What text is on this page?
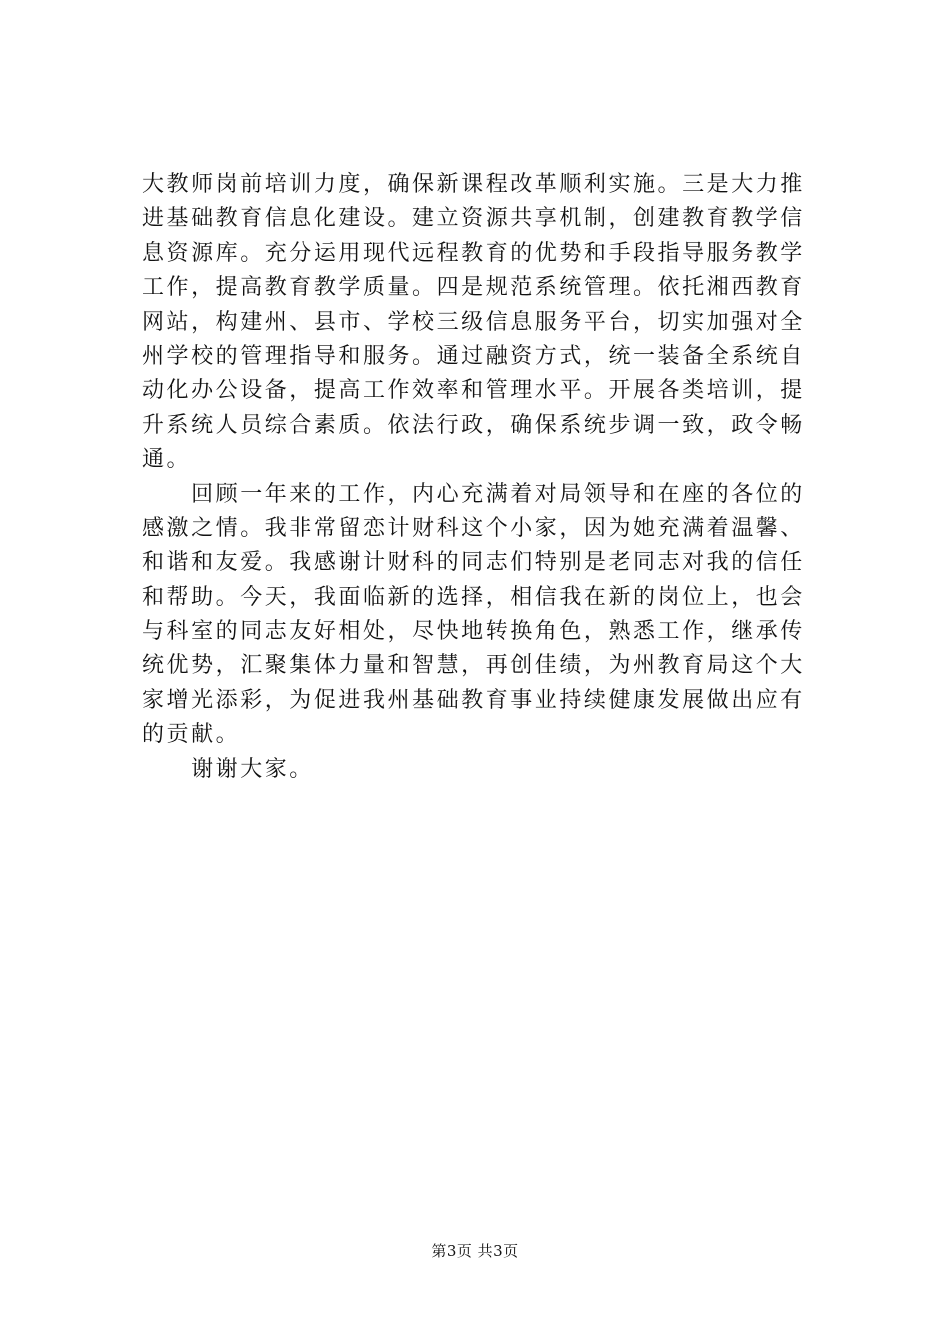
大教师岗前培训力度，确保新课程改革顺利实施。三是大力推
进基础教育信息化建设。建立资源共享机制，创建教育教学信
息资源库。充分运用现代远程教育的优势和手段指导服务教学
工作，提高教育教学质量。四是规范系统管理。依托湘西教育
网站，构建州、县市、学校三级信息服务平台，切实加强对全
州学校的管理指导和服务。通过融资方式，统一装备全系统自
动化办公设备，提高工作效率和管理水平。开展各类培训，提
升系统人员综合素质。依法行政，确保系统步调一致，政令畅
通。
　　回顾一年来的工作，内心充满着对局领导和在座的各位的
感激之情。我非常留恋计财科这个小家，因为她充满着温馨、
和谐和友爱。我感谢计财科的同志们特别是老同志对我的信任
和帮助。今天，我面临新的选择，相信我在新的岗位上，也会
与科室的同志友好相处，尽快地转换角色，熟悉工作，继承传
统优势，汇聚集体力量和智慧，再创佳绩，为州教育局这个大
家增光添彩，为促进我州基础教育事业持续健康发展做出应有
的贡献。
　　谢谢大家。
第3页 共3页
